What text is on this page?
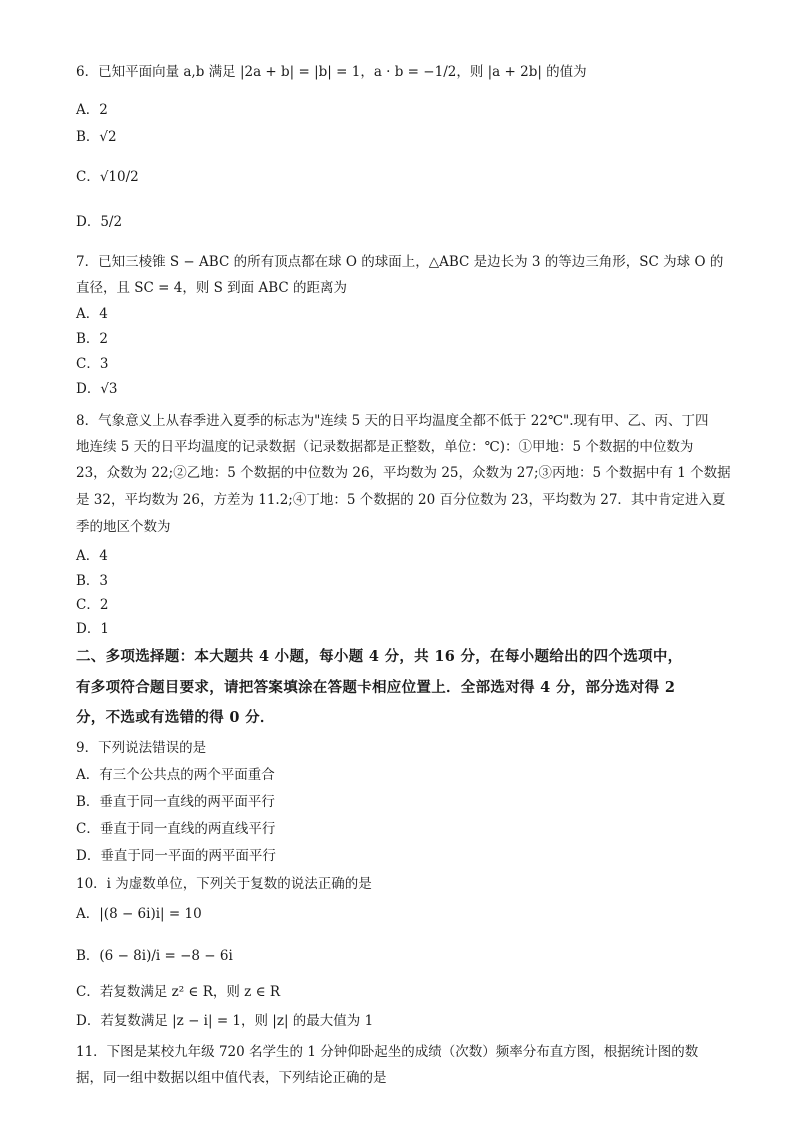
6．已知平面向量 a,b 满足 |2a + b| = |b| = 1，a · b = −1/2，则 |a + 2b| 的值为
A．2
B．√2
C．√10/2
D．5/2
7．已知三棱锥 S − ABC 的所有顶点都在球 O 的球面上，△ABC 是边长为 3 的等边三角形，SC 为球 O 的
直径，且 SC = 4，则 S 到面 ABC 的距离为
A．4
B．2
C．3
D．√3
8．气象意义上从春季进入夏季的标志为"连续 5 天的日平均温度全都不低于 22℃".现有甲、乙、丙、丁四
地连续 5 天的日平均温度的记录数据（记录数据都是正整数，单位：℃)：①甲地：5 个数据的中位数为
23，众数为 22;②乙地：5 个数据的中位数为 26，平均数为 25，众数为 27;③丙地：5 个数据中有 1 个数据
是 32，平均数为 26，方差为 11.2;④丁地：5 个数据的 20 百分位数为 23，平均数为 27．其中肯定进入夏
季的地区个数为
A．4
B．3
C．2
D．1
二、多项选择题：本大题共 4 小题，每小题 4 分，共 16 分，在每小题给出的四个选项中，
有多项符合题目要求，请把答案填涂在答题卡相应位置上．全部选对得 4 分，部分选对得 2
分，不选或有选错的得 0 分．
9．下列说法错误的是
A．有三个公共点的两个平面重合
B．垂直于同一直线的两平面平行
C．垂直于同一直线的两直线平行
D．垂直于同一平面的两平面平行
10．i 为虚数单位，下列关于复数的说法正确的是
A．|(8 − 6i)i| = 10
B．(6 − 8i)/i = −8 − 6i
C．若复数满足 z² ∈ R，则 z ∈ R
D．若复数满足 |z − i| = 1，则 |z| 的最大值为 1
11．下图是某校九年级 720 名学生的 1 分钟仰卧起坐的成绩（次数）频率分布直方图，根据统计图的数
据，同一组中数据以组中值代表，下列结论正确的是
